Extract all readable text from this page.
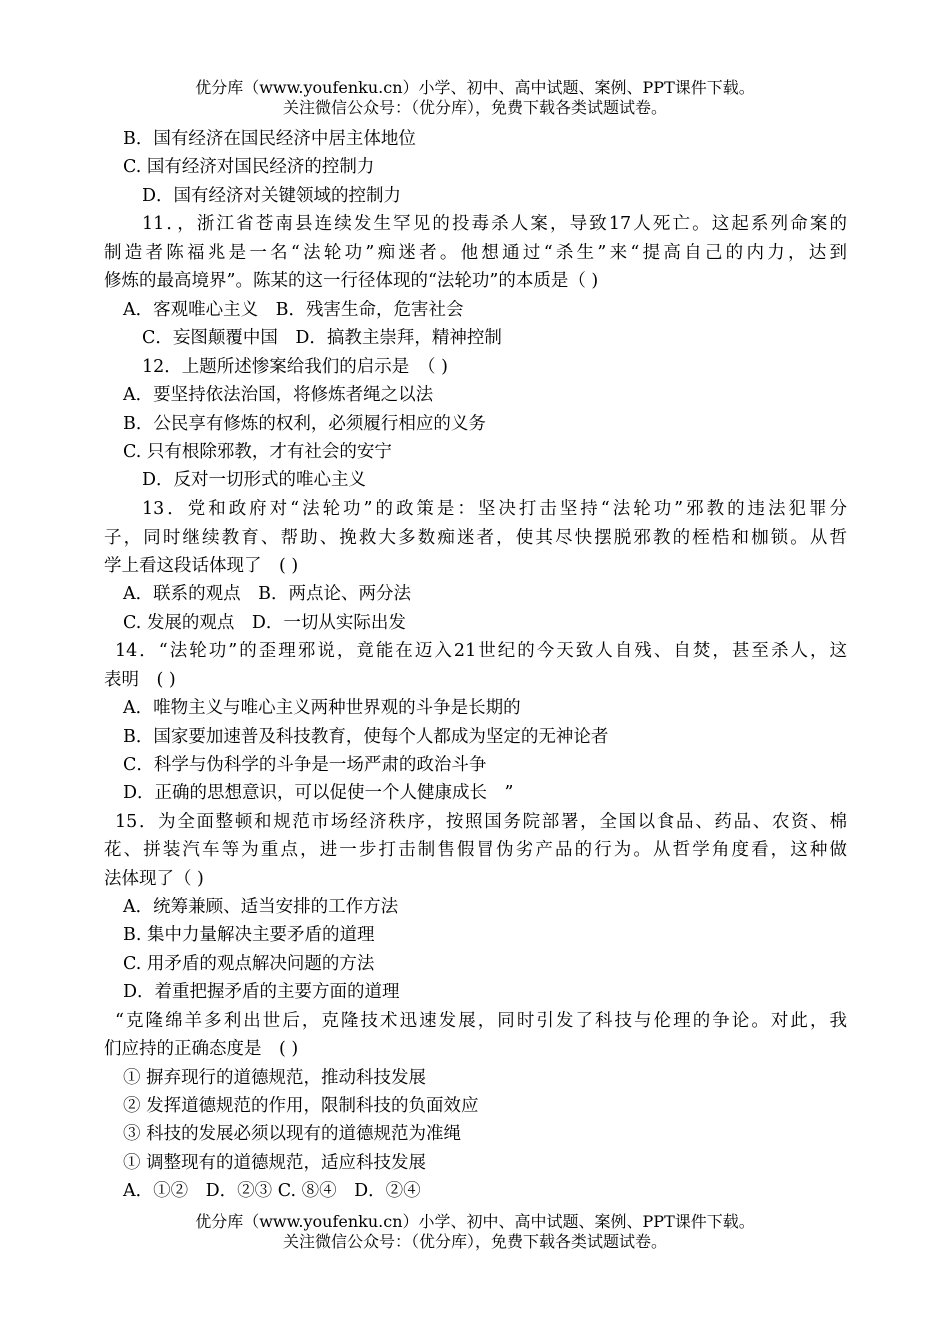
优分库（www.youfenku.cn）小学、初中、高中试题、案例、PPT课件下载。
关注微信公众号：（优分库），免费下载各类试题试卷。
B．国有经济在国民经济中居主体地位
C. 国有经济对国民经济的控制力
D．国有经济对关键领域的控制力
11．，浙江省苍南县连续发生罕见的投毒杀人案，导致17人死亡。这起系列命案的
制造者陈福兆是一名“法轮功”痴迷者。他想通过“杀生”来“提高自己的内力，达到
修炼的最高境界”。陈某的这一行径体现的“法轮功”的本质是（ )
A．客观唯心主义　B．残害生命，危害社会
C．妄图颠覆中国　D．搞教主崇拜，精神控制
12．上题所述惨案给我们的启示是　（ )
A．要坚持依法治国，将修炼者绳之以法
B．公民享有修炼的权利，必须履行相应的义务
C. 只有根除邪教，才有社会的安宁
D．反对一切形式的唯心主义
13．党和政府对“法轮功”的政策是：坚决打击坚持“法轮功”邪教的违法犯罪分
子，同时继续教育、帮助、挽救大多数痴迷者，使其尽快摆脱邪教的桎梏和枷锁。从哲
学上看这段话体现了　( )
A．联系的观点　B．两点论、两分法
C. 发展的观点　D．一切从实际出发
14．“法轮功”的歪理邪说，竟能在迈入21世纪的今天致人自残、自焚，甚至杀人，这
表明　( )
A．唯物主义与唯心主义两种世界观的斗争是长期的
B．国家要加速普及科技教育，使每个人都成为坚定的无神论者
C．科学与伪科学的斗争是一场严肃的政治斗争
D．正确的思想意识，可以促使一个人健康成长　”
15．为全面整顿和规范市场经济秩序，按照国务院部署，全国以食品、药品、农资、棉
花、拼装汽车等为重点，进一步打击制售假冒伪劣产品的行为。从哲学角度看，这种做
法体现了（ )
A．统筹兼顾、适当安排的工作方法
B. 集中力量解决主要矛盾的道理
C. 用矛盾的观点解决问题的方法
D．着重把握矛盾的主要方面的道理
“克隆绵羊多利出世后，克隆技术迅速发展，同时引发了科技与伦理的争论。对此，我
们应持的正确态度是　( )
① 摒弃现行的道德规范，推动科技发展
② 发挥道德规范的作用，限制科技的负面效应
③ 科技的发展必须以现有的道德规范为准绳
① 调整现有的道德规范，适应科技发展
A．①②　D．②③ C. ⑧④　D．②④
优分库（www.youfenku.cn）小学、初中、高中试题、案例、PPT课件下载。
关注微信公众号：（优分库），免费下载各类试题试卷。
